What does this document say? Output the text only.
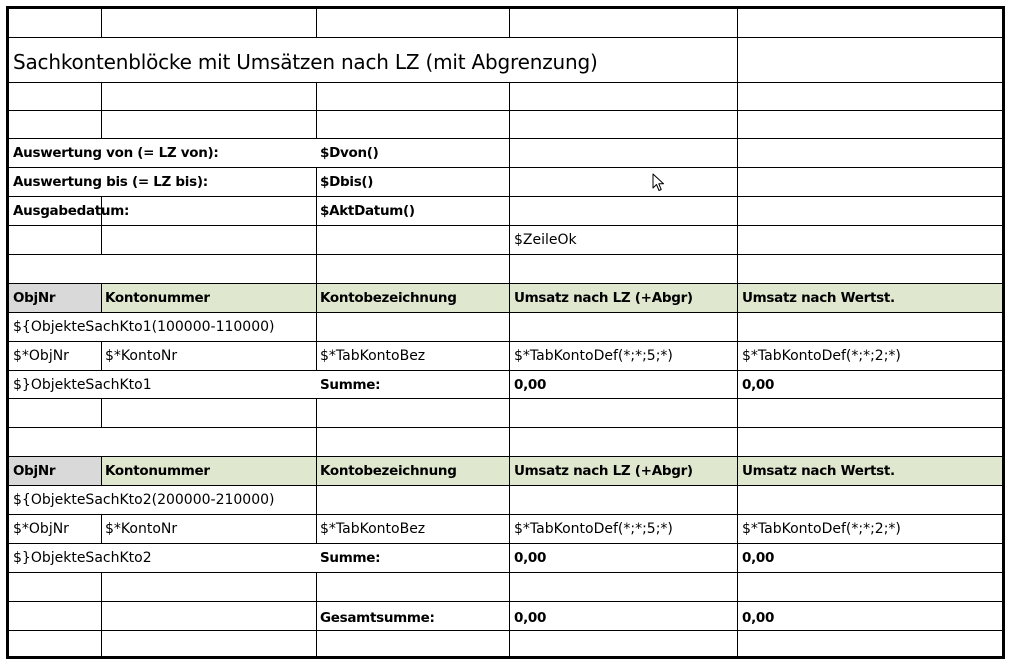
Sachkontenblöcke mit Umsätzen nach LZ (mit Abgrenzung)
Auswertung von (= LZ von):	$Dvon()
Auswertung bis (= LZ bis):	$Dbis()
Ausgabedatum:	$AktDatum()
$ZeileOk
ObjNr	Kontonummer	Kontobezeichnung	Umsatz nach LZ (+Abgr)	Umsatz nach Wertst.
${ObjekteSachKto1(100000-110000)
$*ObjNr	$*KontoNr	$*TabKontoBez	$*TabKontoDef(*;*;5;*)	$*TabKontoDef(*;*;2;*)
$}ObjekteSachKto1	Summe:	0,00	0,00
ObjNr	Kontonummer	Kontobezeichnung	Umsatz nach LZ (+Abgr)	Umsatz nach Wertst.
${ObjekteSachKto2(200000-210000)
$*ObjNr	$*KontoNr	$*TabKontoBez	$*TabKontoDef(*;*;5;*)	$*TabKontoDef(*;*;2;*)
$}ObjekteSachKto2	Summe:	0,00	0,00
Gesamtsumme:	0,00	0,00
